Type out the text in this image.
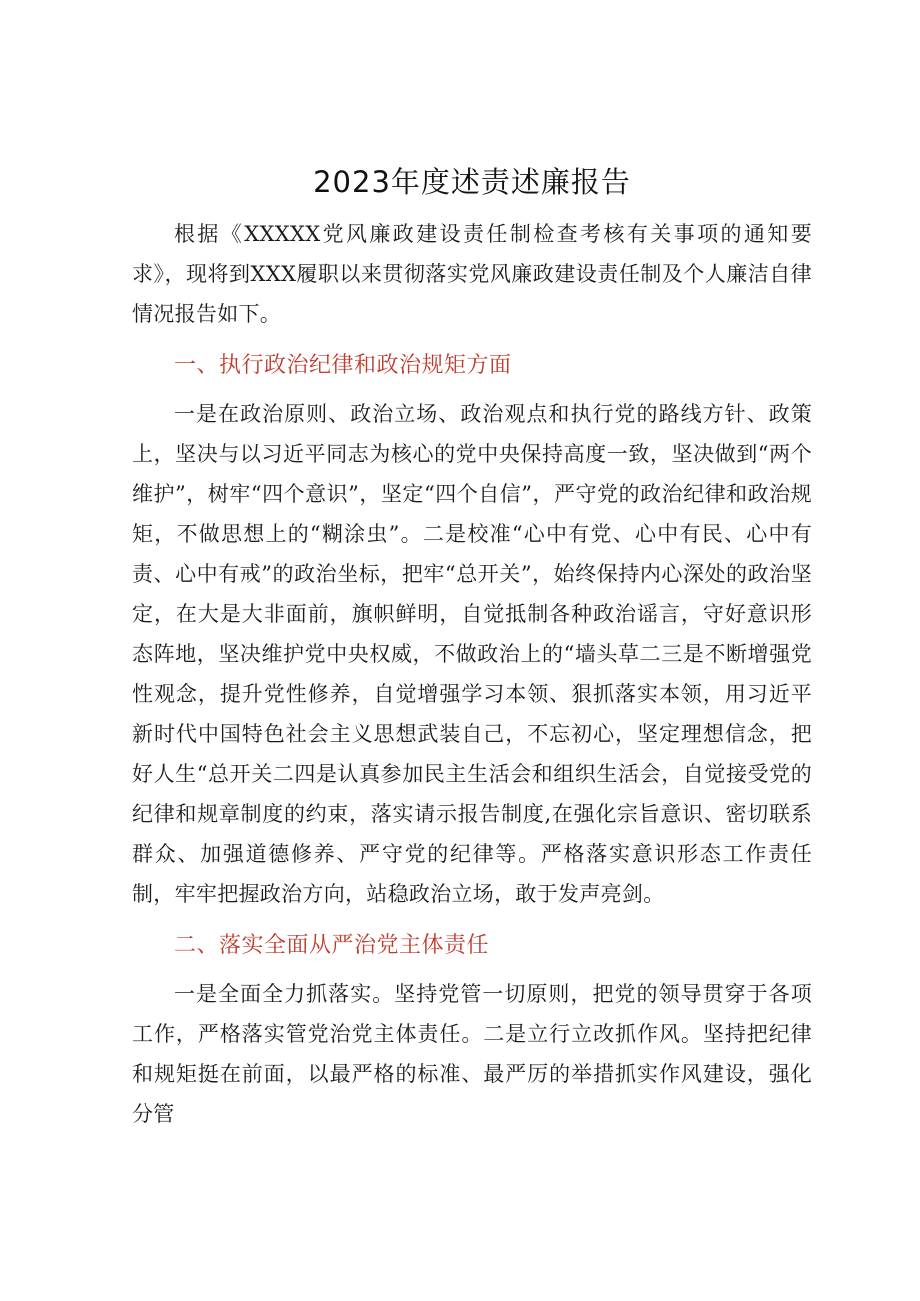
2023年度述责述廉报告

根据《XXXXX党风廉政建设责任制检查考核有关事项的通知要求》，现将到XXX履职以来贯彻落实党风廉政建设责任制及个人廉洁自律情况报告如下。

一、执行政治纪律和政治规矩方面

一是在政治原则、政治立场、政治观点和执行党的路线方针、政策上，坚决与以习近平同志为核心的党中央保持高度一致，坚决做到“两个维护”，树牢“四个意识”，坚定“四个自信”，严守党的政治纪律和政治规矩，不做思想上的“糊涂虫”。二是校准“心中有党、心中有民、心中有责、心中有戒”的政治坐标，把牢“总开关”，始终保持内心深处的政治坚定，在大是大非面前，旗帜鲜明，自觉抵制各种政治谣言，守好意识形态阵地，坚决维护党中央权威，不做政治上的“墙头草二三是不断增强党性观念，提升党性修养，自觉增强学习本领、狠抓落实本领，用习近平新时代中国特色社会主义思想武装自己，不忘初心，坚定理想信念，把好人生“总开关二四是认真参加民主生活会和组织生活会，自觉接受党的纪律和规章制度的约束，落实请示报告制度,在强化宗旨意识、密切联系群众、加强道德修养、严守党的纪律等。严格落实意识形态工作责任制，牢牢把握政治方向，站稳政治立场，敢于发声亮剑。

二、落实全面从严治党主体责任

一是全面全力抓落实。坚持党管一切原则，把党的领导贯穿于各项工作，严格落实管党治党主体责任。二是立行立改抓作风。坚持把纪律和规矩挺在前面，以最严格的标准、最严厉的举措抓实作风建设，强化分管
